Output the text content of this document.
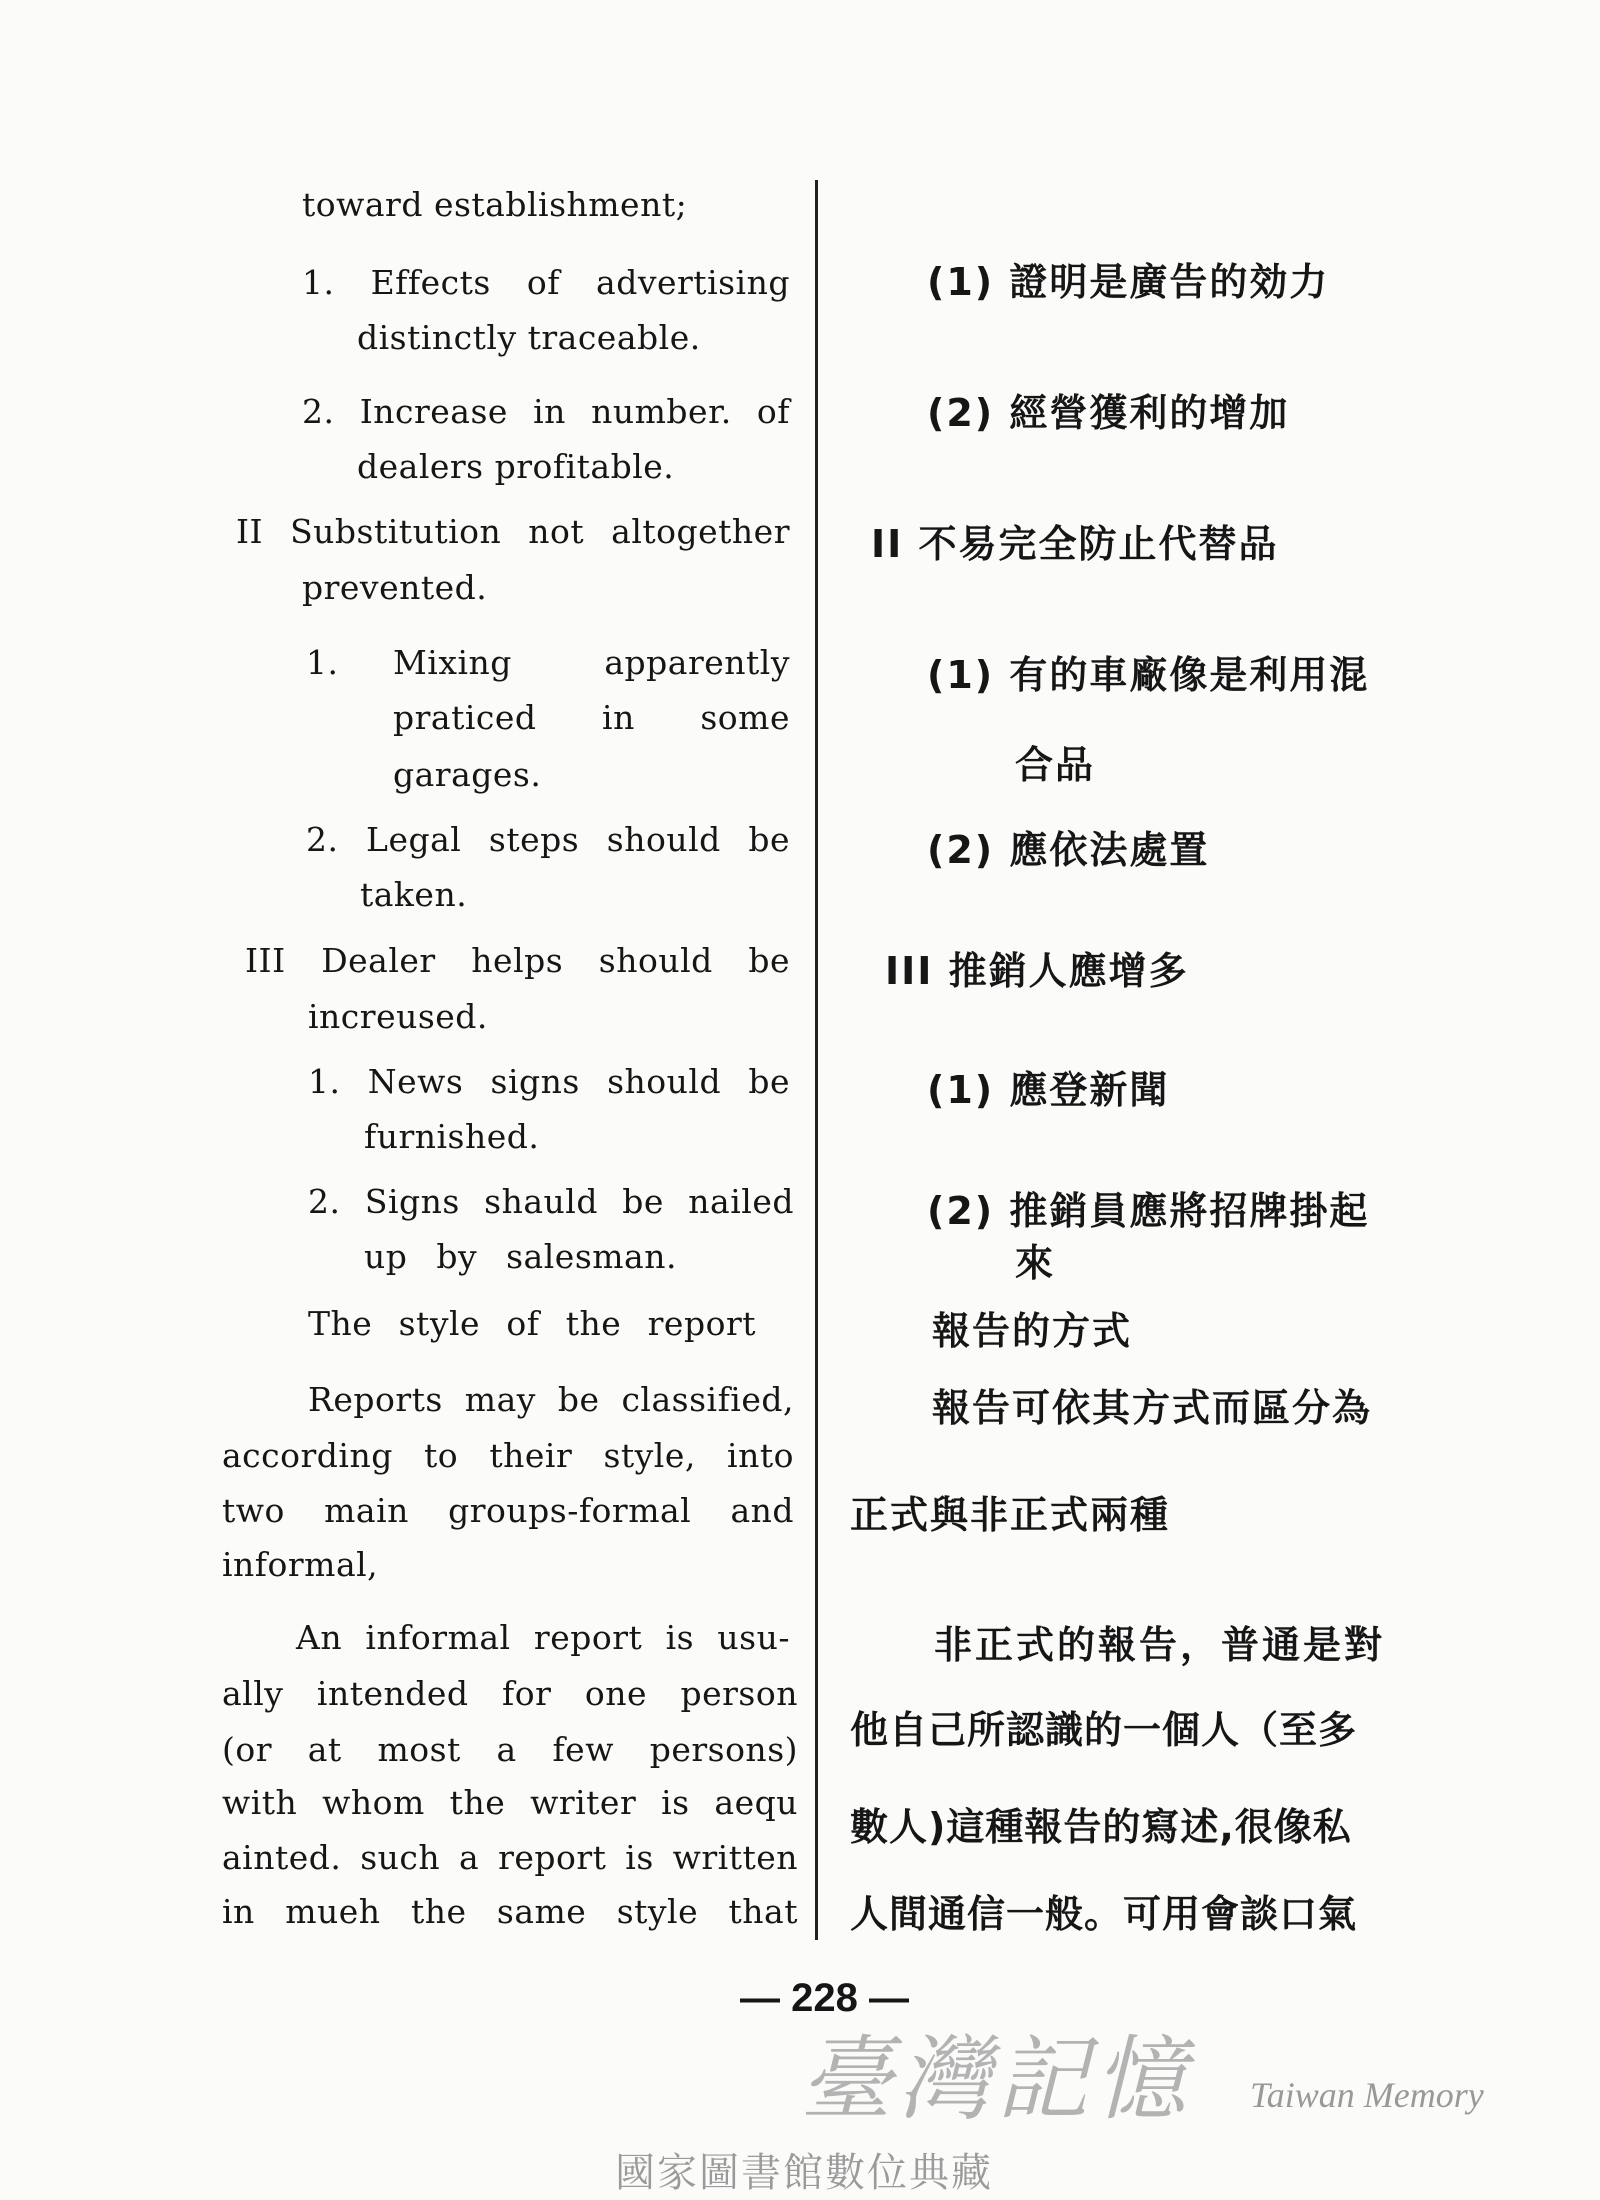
toward establishment;
1. Effects of advertising
distinctly traceable.
2. Increase in number. of
dealers profitable.
II Substitution not altogether
prevented.
1. Mixing apparently
praticed in some
garages.
2. Legal steps should be
taken.
III Dealer helps should be
increused.
1. News signs should be
furnished.
2. Signs shauld be nailed
up by salesman.
The style of the report
Reports may be classified,
according to their style, into
two main groups-formal and
informal,
An informal report is usu-
ally intended for one person
(or at most a few persons)
with whom the writer is aequ
ainted. such a report is written
in mueh the same style that
(1) 證明是廣告的効力
(2) 經營獲利的增加
II 不易完全防止代替品
(1) 有的車廠像是利用混
合品
(2) 應依法處置
III 推銷人應增多
(1) 應登新聞
(2) 推銷員應將招牌掛起
來
報告的方式
報告可依其方式而區分為
正式與非正式兩種
非正式的報告，普通是對
他自己所認識的一個人（至多
數人)這種報告的寫述,很像私
人間通信一般。可用會談口氣
— 228 —
臺灣記憶 Taiwan Memory
國家圖書館數位典藏
